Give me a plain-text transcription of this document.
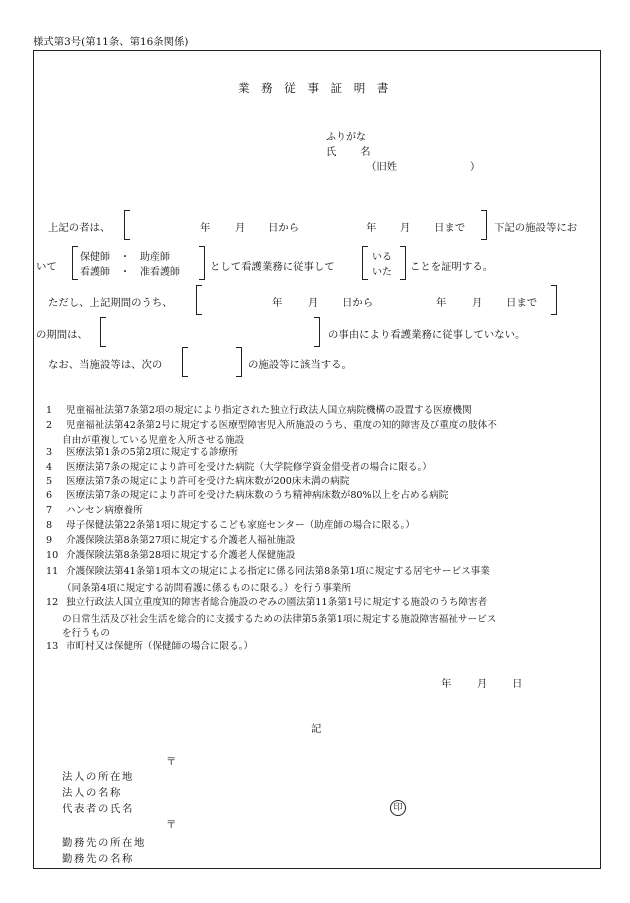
様式第3号(第11条、第16条関係)
業 務 従 事 証 明 書
ふりがな
氏　　名
（旧姓　　　　　　　）
上記の者は、	年 月 日から	年 月 日まで	下記の施設等にお
いて
保健師　・　助産師
看護師　・　准看護師	として看護業務に従事して
いる
いた ことを証明する。
ただし、上記期間のうち、	年 月 日から	年 月 日まで
の期間は、	の事由により看護業務に従事していない。
なお、当施設等は、次の	の施設等に該当する。
1 児童福祉法第7条第2項の規定により指定された独立行政法人国立病院機構の設置する医療機関
2 児童福祉法第42条第2号に規定する医療型障害児入所施設のうち、重度の知的障害及び重度の肢体不
自由が重複している児童を入所させる施設
3 医療法第1条の5第2項に規定する診療所
4 医療法第7条の規定により許可を受けた病院（大学院修学資金借受者の場合に限る。）
5 医療法第7条の規定により許可を受けた病床数が200床未満の病院
6 医療法第7条の規定により許可を受けた病床数のうち精神病床数が80%以上を占める病院
7 ハンセン病療養所
8 母子保健法第22条第1項に規定するこども家庭センター（助産師の場合に限る。）
9 介護保険法第8条第27項に規定する介護老人福祉施設
10 介護保険法第8条第28項に規定する介護老人保健施設
11 介護保険法第41条第1項本文の規定による指定に係る同法第8条第1項に規定する居宅サービス事業
（同条第4項に規定する訪問看護に係るものに限る。）を行う事業所
12 独立行政法人国立重度知的障害者総合施設のぞみの園法第11条第1号に規定する施設のうち障害者
の日常生活及び社会生活を総合的に支援するための法律第5条第1項に規定する施設障害福祉サービス
を行うもの
13 市町村又は保健所（保健師の場合に限る。）
年 月 日
記
〒
法人の所在地
法人の名称
代表者の氏名	印
〒
勤務先の所在地
勤務先の名称
